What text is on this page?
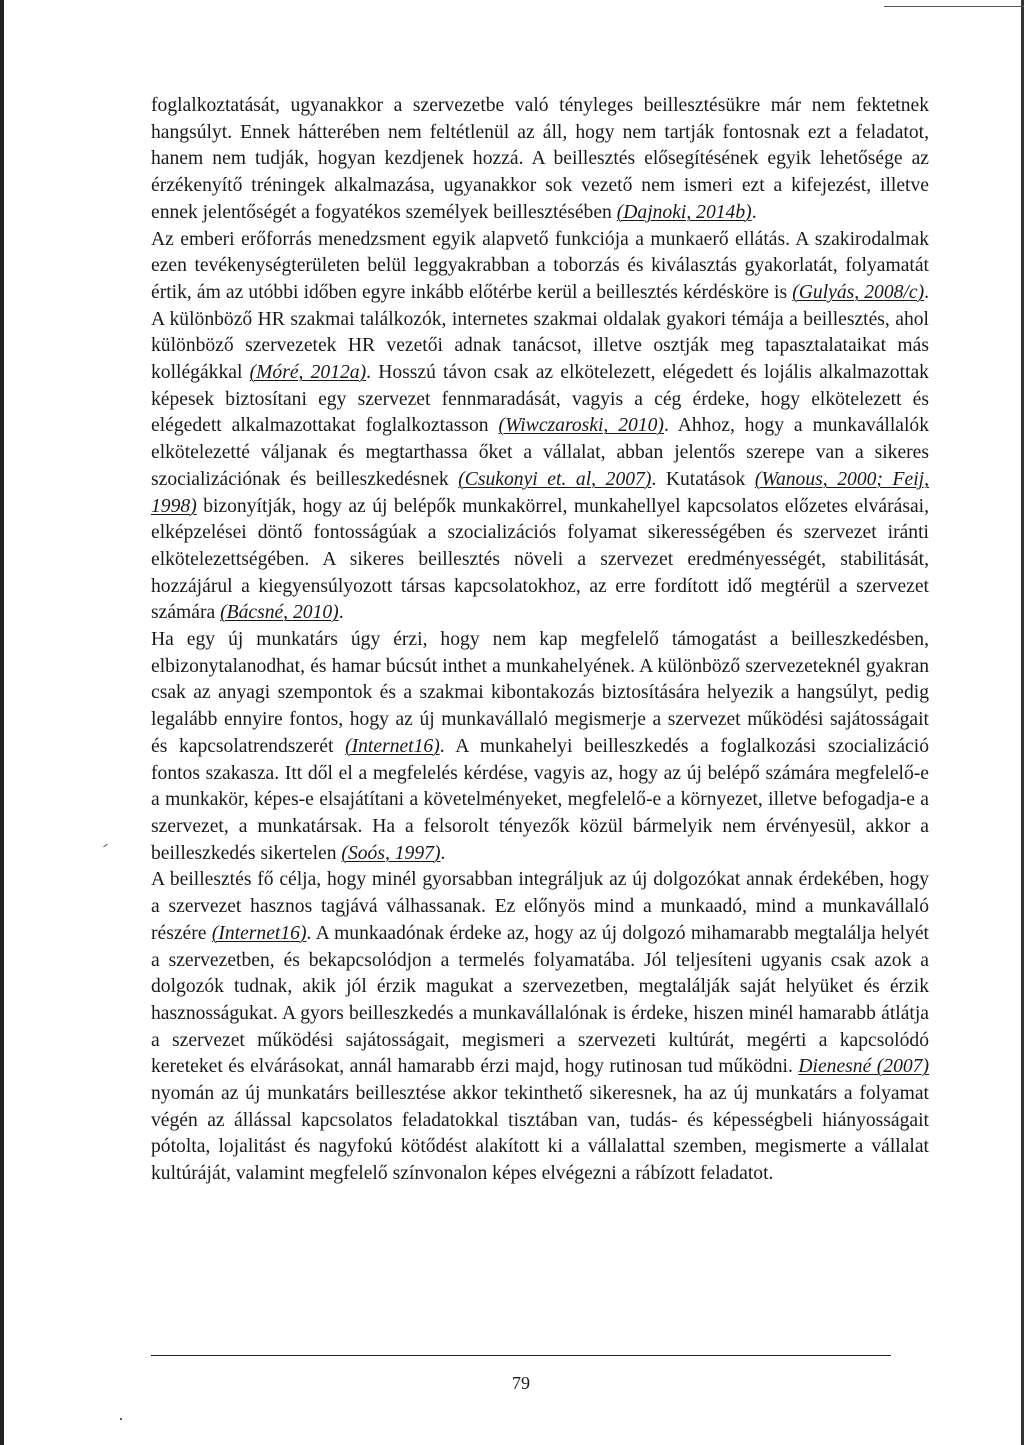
foglalkoztatását, ugyanakkor a szervezetbe való tényleges beillesztésükre már nem fektetnek hangsúlyt. Ennek hátterében nem feltétlenül az áll, hogy nem tartják fontosnak ezt a feladatot, hanem nem tudják, hogyan kezdjenek hozzá. A beillesztés elősegítésének egyik lehetősége az érzékenyítő tréningek alkalmazása, ugyanakkor sok vezető nem ismeri ezt a kifejezést, illetve ennek jelentőségét a fogyatékos személyek beillesztésében (Dajnoki, 2014b).

Az emberi erőforrás menedzsment egyik alapvető funkciója a munkaerő ellátás. A szakirodalmak ezen tevékenységterületen belül leggyakrabban a toborzás és kiválasztás gyakorlatát, folyamatát értik, ám az utóbbi időben egyre inkább előtérbe kerül a beillesztés kérdésköre is (Gulyás, 2008/c). A különböző HR szakmai találkozók, internetes szakmai oldalak gyakori témája a beillesztés, ahol különböző szervezetek HR vezetői adnak tanácsot, illetve osztják meg tapasztalataikat más kollégákkal (Móré, 2012a). Hosszú távon csak az elkötelezett, elégedett és lojális alkalmazottak képesek biztosítani egy szervezet fennmaradását, vagyis a cég érdeke, hogy elkötelezett és elégedett alkalmazottakat foglalkoztasson (Wiwczaroski, 2010). Ahhoz, hogy a munkavállalók elkötelezetté váljanak és megtarthassa őket a vállalat, abban jelentős szerepe van a sikeres szocializációnak és beilleszkedésnek (Csukonyi et. al, 2007). Kutatások (Wanous, 2000; Feij, 1998) bizonyítják, hogy az új belépők munkakörrel, munkahellyel kapcsolatos előzetes elvárásai, elképzelései döntő fontosságúak a szocializációs folyamat sikerességében és szervezet iránti elkötelezettségében. A sikeres beillesztés növeli a szervezet eredményességét, stabilitását, hozzájárul a kiegyensúlyozott társas kapcsolatokhoz, az erre fordított idő megtérül a szervezet számára (Bácsné, 2010).

Ha egy új munkatárs úgy érzi, hogy nem kap megfelelő támogatást a beilleszkedésben, elbizonytalanodhat, és hamar búcsút inthet a munkahelyének. A különböző szervezeteknél gyakran csak az anyagi szempontok és a szakmai kibontakozás biztosítására helyezik a hangsúlyt, pedig legalább ennyire fontos, hogy az új munkavállaló megismerje a szervezet működési sajátosságait és kapcsolatrendszerét (Internet16). A munkahelyi beilleszkedés a foglalkozási szocializáció fontos szakasza. Itt dől el a megfelelés kérdése, vagyis az, hogy az új belépő számára megfelelő-e a munkakör, képes-e elsajátítani a követelményeket, megfelelő-e a környezet, illetve befogadja-e a szervezet, a munkatársak. Ha a felsorolt tényezők közül bármelyik nem érvényesül, akkor a beilleszkedés sikertelen (Soós, 1997).

A beillesztés fő célja, hogy minél gyorsabban integráljuk az új dolgozókat annak érdekében, hogy a szervezet hasznos tagjává válhassanak. Ez előnyös mind a munkaadó, mind a munkavállaló részére (Internet16). A munkaadónak érdeke az, hogy az új dolgozó mihamarabb megtalálja helyét a szervezetben, és bekapcsolódjon a termelés folyamatába. Jól teljesíteni ugyanis csak azok a dolgozók tudnak, akik jól érzik magukat a szervezetben, megtalálják saját helyüket és érzik hasznosságukat. A gyors beilleszkedés a munkavállalónak is érdeke, hiszen minél hamarabb átlátja a szervezet működési sajátosságait, megismeri a szervezeti kultúrát, megérti a kapcsolódó kereteket és elvárásokat, annál hamarabb érzi majd, hogy rutinosan tud működni. Dienesné (2007) nyomán az új munkatárs beillesztése akkor tekinthető sikeresnek, ha az új munkatárs a folyamat végén az állással kapcsolatos feladatokkal tisztában van, tudás- és képességbeli hiányosságait pótolta, lojalitást és nagyfokú kötődést alakított ki a vállalattal szemben, megismerte a vállalat kultúráját, valamint megfelelő színvonalon képes elvégezni a rábízott feladatot.

79
